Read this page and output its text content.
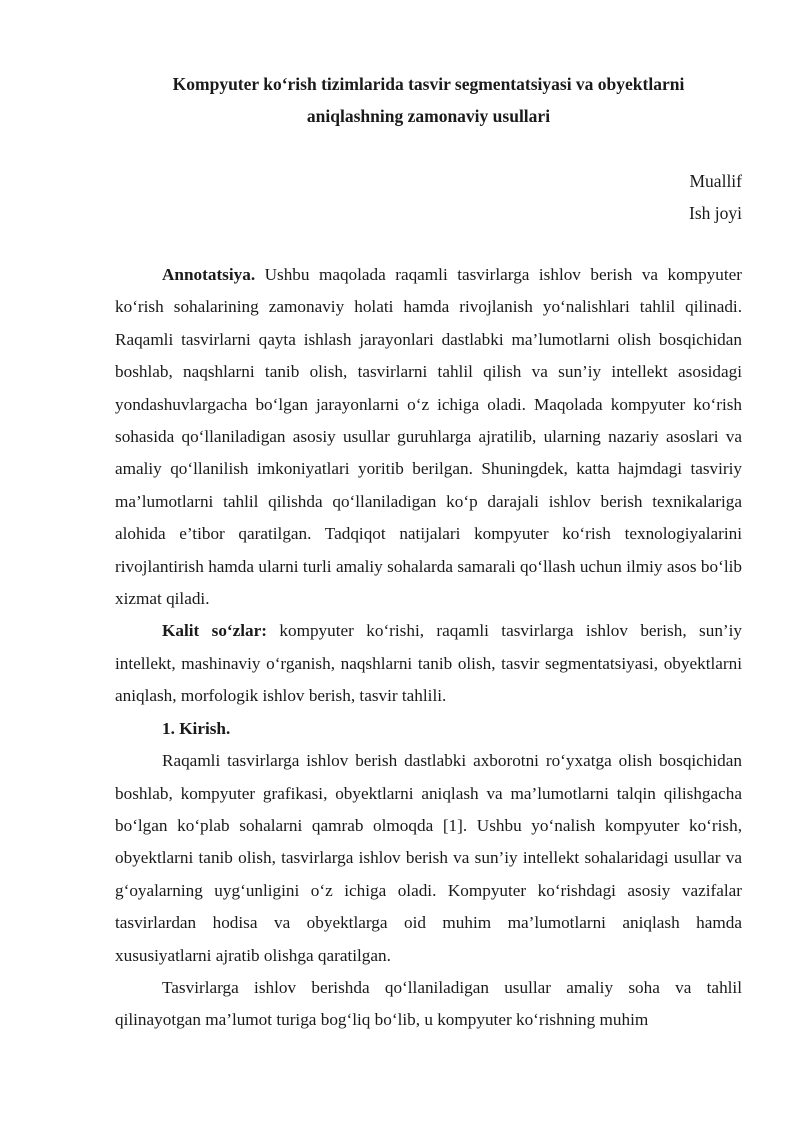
Kompyuter ko‘rish tizimlarida tasvir segmentatsiyasi va obyektlarni
aniqlashning zamonaviy usullari
Muallif
Ish joyi

Annotatsiya. Ushbu maqolada raqamli tasvirlarga ishlov berish va kompyuter ko‘rish sohalarining zamonaviy holati hamda rivojlanish yo‘nalishlari tahlil qilinadi. Raqamli tasvirlarni qayta ishlash jarayonlari dastlabki ma’lumotlarni olish bosqichidan boshlab, naqshlarni tanib olish, tasvirlarni tahlil qilish va sun’iy intellekt asosidagi yondashuvlargacha bo‘lgan jarayonlarni o‘z ichiga oladi. Maqolada kompyuter ko‘rish sohasida qo‘llaniladigan asosiy usullar guruhlarga ajratilib, ularning nazariy asoslari va amaliy qo‘llanilish imkoniyatlari yoritib berilgan. Shuningdek, katta hajmdagi tasviriy ma’lumotlarni tahlil qilishda qo‘llaniladigan ko‘p darajali ishlov berish texnikalariga alohida e’tibor qaratilgan. Tadqiqot natijalari kompyuter ko‘rish texnologiyalarini rivojlantirish hamda ularni turli amaliy sohalarda samarali qo‘llash uchun ilmiy asos bo‘lib xizmat qiladi.

Kalit so‘zlar: kompyuter ko‘rishi, raqamli tasvirlarga ishlov berish, sun’iy intellekt, mashinaviy o‘rganish, naqshlarni tanib olish, tasvir segmentatsiyasi, obyektlarni aniqlash, morfologik ishlov berish, tasvir tahlili.

1. Kirish.

Raqamli tasvirlarga ishlov berish dastlabki axborotni ro‘yxatga olish bosqichidan boshlab, kompyuter grafikasi, obyektlarni aniqlash va ma’lumotlarni talqin qilishgacha bo‘lgan ko‘plab sohalarni qamrab olmoqda [1]. Ushbu yo‘nalish kompyuter ko‘rish, obyektlarni tanib olish, tasvirlarga ishlov berish va sun’iy intellekt sohalaridagi usullar va g‘oyalarning uyg‘unligini o‘z ichiga oladi. Kompyuter ko‘rishdagi asosiy vazifalar tasvirlardan hodisa va obyektlarga oid muhim ma’lumotlarni aniqlash hamda xususiyatlarni ajratib olishga qaratilgan.

Tasvirlarga ishlov berishda qo‘llaniladigan usullar amaliy soha va tahlil qilinayotgan ma’lumot turiga bog‘liq bo‘lib, u kompyuter ko‘rishning muhim
